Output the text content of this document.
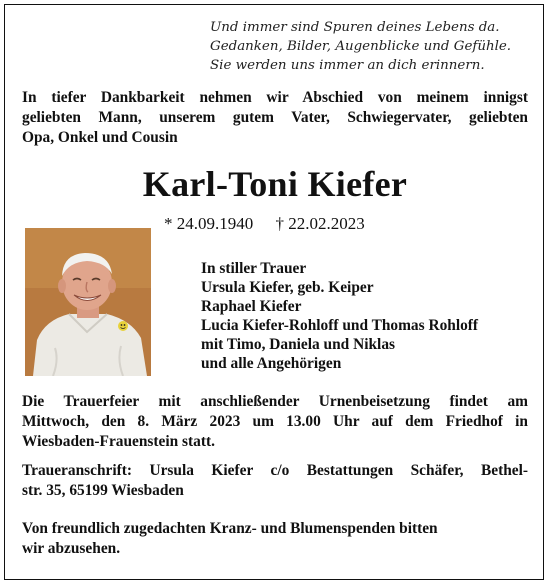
Und immer sind Spuren deines Lebens da.
Gedanken, Bilder, Augenblicke und Gefühle.
Sie werden uns immer an dich erinnern.
In tiefer Dankbarkeit nehmen wir Abschied von meinem innigst
geliebten Mann, unserem gutem Vater, Schwiegervater, geliebten
Opa, Onkel und Cousin
Karl-Toni Kiefer
* 24.09.1940 † 22.02.2023
In stiller Trauer
Ursula Kiefer, geb. Keiper
Raphael Kiefer
Lucia Kiefer-Rohloff und Thomas Rohloff
mit Timo, Daniela und Niklas
und alle Angehörigen
Die Trauerfeier mit anschließender Urnenbeisetzung findet am
Mittwoch, den 8. März 2023 um 13.00 Uhr auf dem Friedhof in
Wiesbaden-Frauenstein statt.
Traueranschrift: Ursula Kiefer c/o Bestattungen Schäfer, Bethel-
str. 35, 65199 Wiesbaden
Von freundlich zugedachten Kranz- und Blumenspenden bitten
wir abzusehen.
